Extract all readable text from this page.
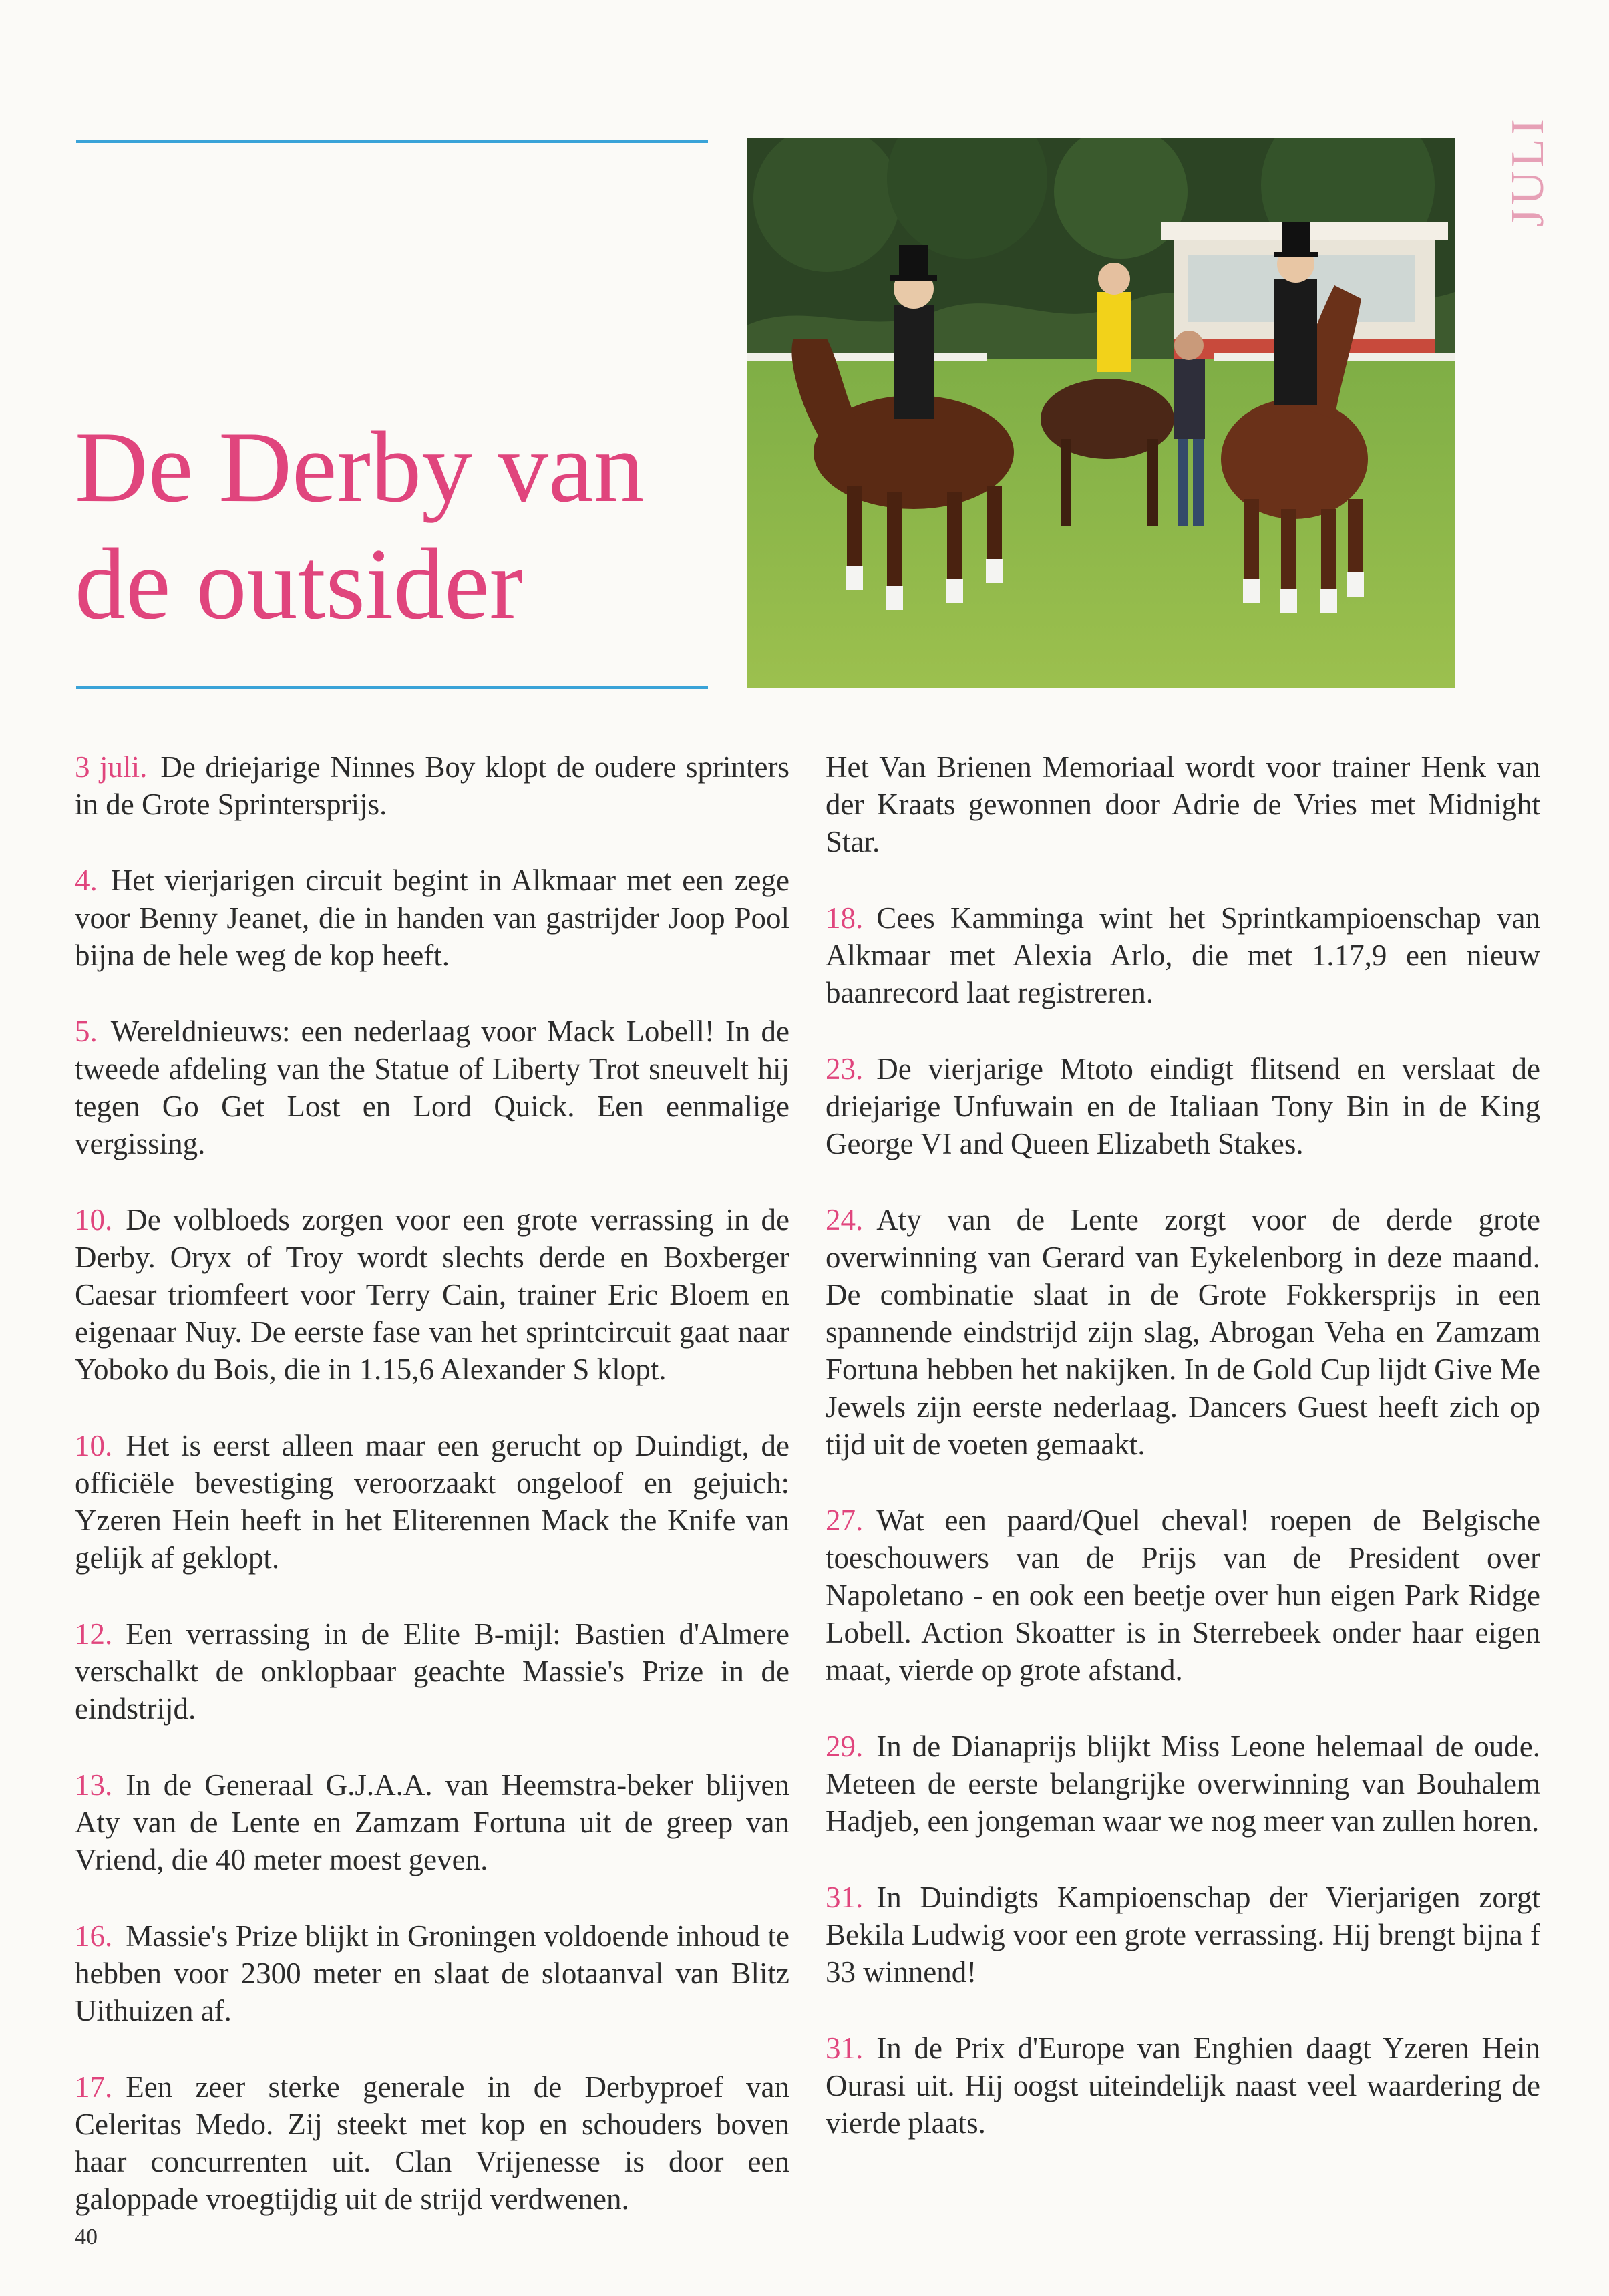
De Derby van
de outsider
JULI

3 juli. De driejarige Ninnes Boy klopt de oudere sprinters in de Grote Sprintersprijs.

4. Het vierjarigen circuit begint in Alkmaar met een zege voor Benny Jeanet, die in handen van gastrijder Joop Pool bijna de hele weg de kop heeft.

5. Wereldnieuws: een nederlaag voor Mack Lobell! In de tweede afdeling van the Statue of Liberty Trot sneuvelt hij tegen Go Get Lost en Lord Quick. Een eenmalige vergissing.

10. De volbloeds zorgen voor een grote verrassing in de Derby. Oryx of Troy wordt slechts derde en Boxberger Caesar triomfeert voor Terry Cain, trainer Eric Bloem en eigenaar Nuy. De eerste fase van het sprintcircuit gaat naar Yoboko du Bois, die in 1.15,6 Alexander S klopt.

10. Het is eerst alleen maar een gerucht op Duindigt, de officiële bevestiging veroorzaakt ongeloof en gejuich: Yzeren Hein heeft in het Eliterennen Mack the Knife van gelijk af geklopt.

12. Een verrassing in de Elite B-mijl: Bastien d'Almere verschalkt de onklopbaar geachte Massie's Prize in de eindstrijd.

13. In de Generaal G.J.A.A. van Heemstra-beker blijven Aty van de Lente en Zamzam Fortuna uit de greep van Vriend, die 40 meter moest geven.

16. Massie's Prize blijkt in Groningen voldoende inhoud te hebben voor 2300 meter en slaat de slotaanval van Blitz Uithuizen af.

17. Een zeer sterke generale in de Derbyproef van Celeritas Medo. Zij steekt met kop en schouders boven haar concurrenten uit. Clan Vrijenesse is door een galoppade vroegtijdig uit de strijd verdwenen.

Het Van Brienen Memoriaal wordt voor trainer Henk van der Kraats gewonnen door Adrie de Vries met Midnight Star.

18. Cees Kamminga wint het Sprintkampioenschap van Alkmaar met Alexia Arlo, die met 1.17,9 een nieuw baanrecord laat registreren.

23. De vierjarige Mtoto eindigt flitsend en verslaat de driejarige Unfuwain en de Italiaan Tony Bin in de King George VI and Queen Elizabeth Stakes.

24. Aty van de Lente zorgt voor de derde grote overwinning van Gerard van Eykelenborg in deze maand. De combinatie slaat in de Grote Fokkersprijs in een spannende eindstrijd zijn slag, Abrogan Veha en Zamzam Fortuna hebben het nakijken. In de Gold Cup lijdt Give Me Jewels zijn eerste nederlaag. Dancers Guest heeft zich op tijd uit de voeten gemaakt.

27. Wat een paard/Quel cheval! roepen de Belgische toeschouwers van de Prijs van de President over Napoletano - en ook een beetje over hun eigen Park Ridge Lobell. Action Skoatter is in Sterrebeek onder haar eigen maat, vierde op grote afstand.

29. In de Dianaprijs blijkt Miss Leone helemaal de oude. Meteen de eerste belangrijke overwinning van Bouhalem Hadjeb, een jongeman waar we nog meer van zullen horen.

31. In Duindigts Kampioenschap der Vierjarigen zorgt Bekila Ludwig voor een grote verrassing. Hij brengt bijna f 33 winnend!

31. In de Prix d'Europe van Enghien daagt Yzeren Hein Ourasi uit. Hij oogst uiteindelijk naast veel waardering de vierde plaats.

40
